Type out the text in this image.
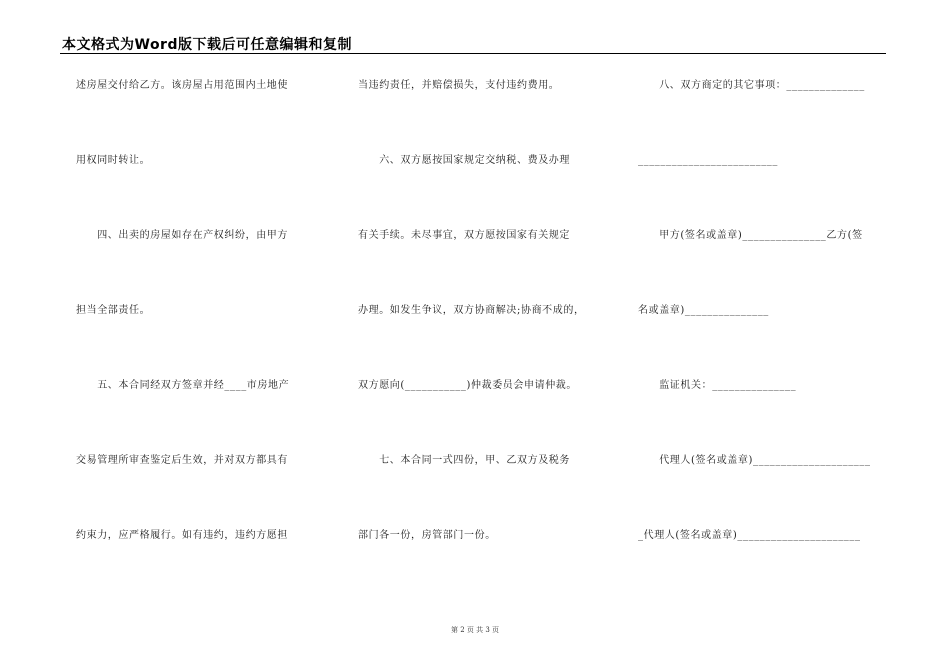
本文格式为Word版下载后可任意编辑和复制
述房屋交付给乙方。该房屋占用范围内土地使
用权同时转让。
　　四、出卖的房屋如存在产权纠纷，由甲方
担当全部责任。
　　五、本合同经双方签章并经____市房地产
交易管理所审查鉴定后生效，并对双方都具有
约束力，应严格履行。如有违约，违约方愿担
当违约责任，并赔偿损失，支付违约费用。
　　六、双方愿按国家规定交纳税、费及办理
有关手续。未尽事宜，双方愿按国家有关规定
办理。如发生争议，双方协商解决;协商不成的，
双方愿向(___________)仲裁委员会申请仲裁。
　　七、本合同一式四份，甲、乙双方及税务
部门各一份，房管部门一份。
　　八、双方商定的其它事项：______________
_________________________
　　甲方(签名或盖章)_______________乙方(签
名或盖章)_______________
　　监证机关：_______________
　　代理人(签名或盖章)_____________________
_代理人(签名或盖章)______________________
第 2 页 共 3 页
